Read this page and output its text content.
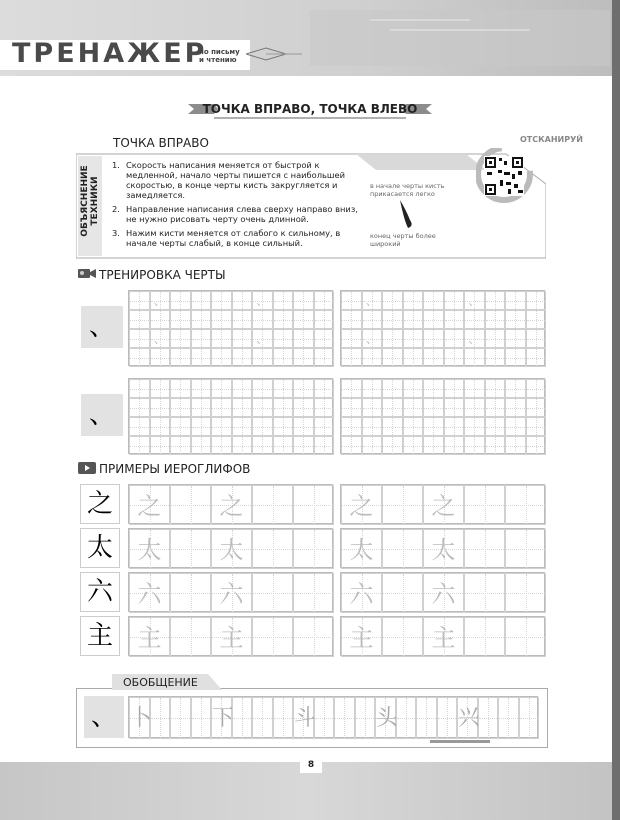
ТРЕНАЖЕР
по письму
и чтению
ТОЧКА ВПРАВО, ТОЧКА ВЛЕВО
ТОЧКА ВПРАВО
ОБЪЯСНЕНИЕ ТЕХНИКИ
1. Скорость написания меняется от быстрой к медленной, начало черты пишется с наибольшей скоростью, в конце черты кисть закругляется и замедляется.
2. Направление написания слева сверху направо вниз, не нужно рисовать черту очень длинной.
3. Нажим кисти меняется от слабого к сильному, в начале черты слабый, в конце сильный.
в начале черты кисть прикасается легко
конец черты более широкий
ОТСКАНИРУЙ
ТРЕНИРОВКА ЧЕРТЫ
、
、	、
、	、
、	、
、	、
、
ПРИМЕРЫ ИЕРОГЛИФОВ
之	之	之	之	之
太	太	太	太	太
六	六	六	六	六
主	主	主	主	主
ОБОБЩЕНИЕ
、 卜	下	斗	头	兴
8
